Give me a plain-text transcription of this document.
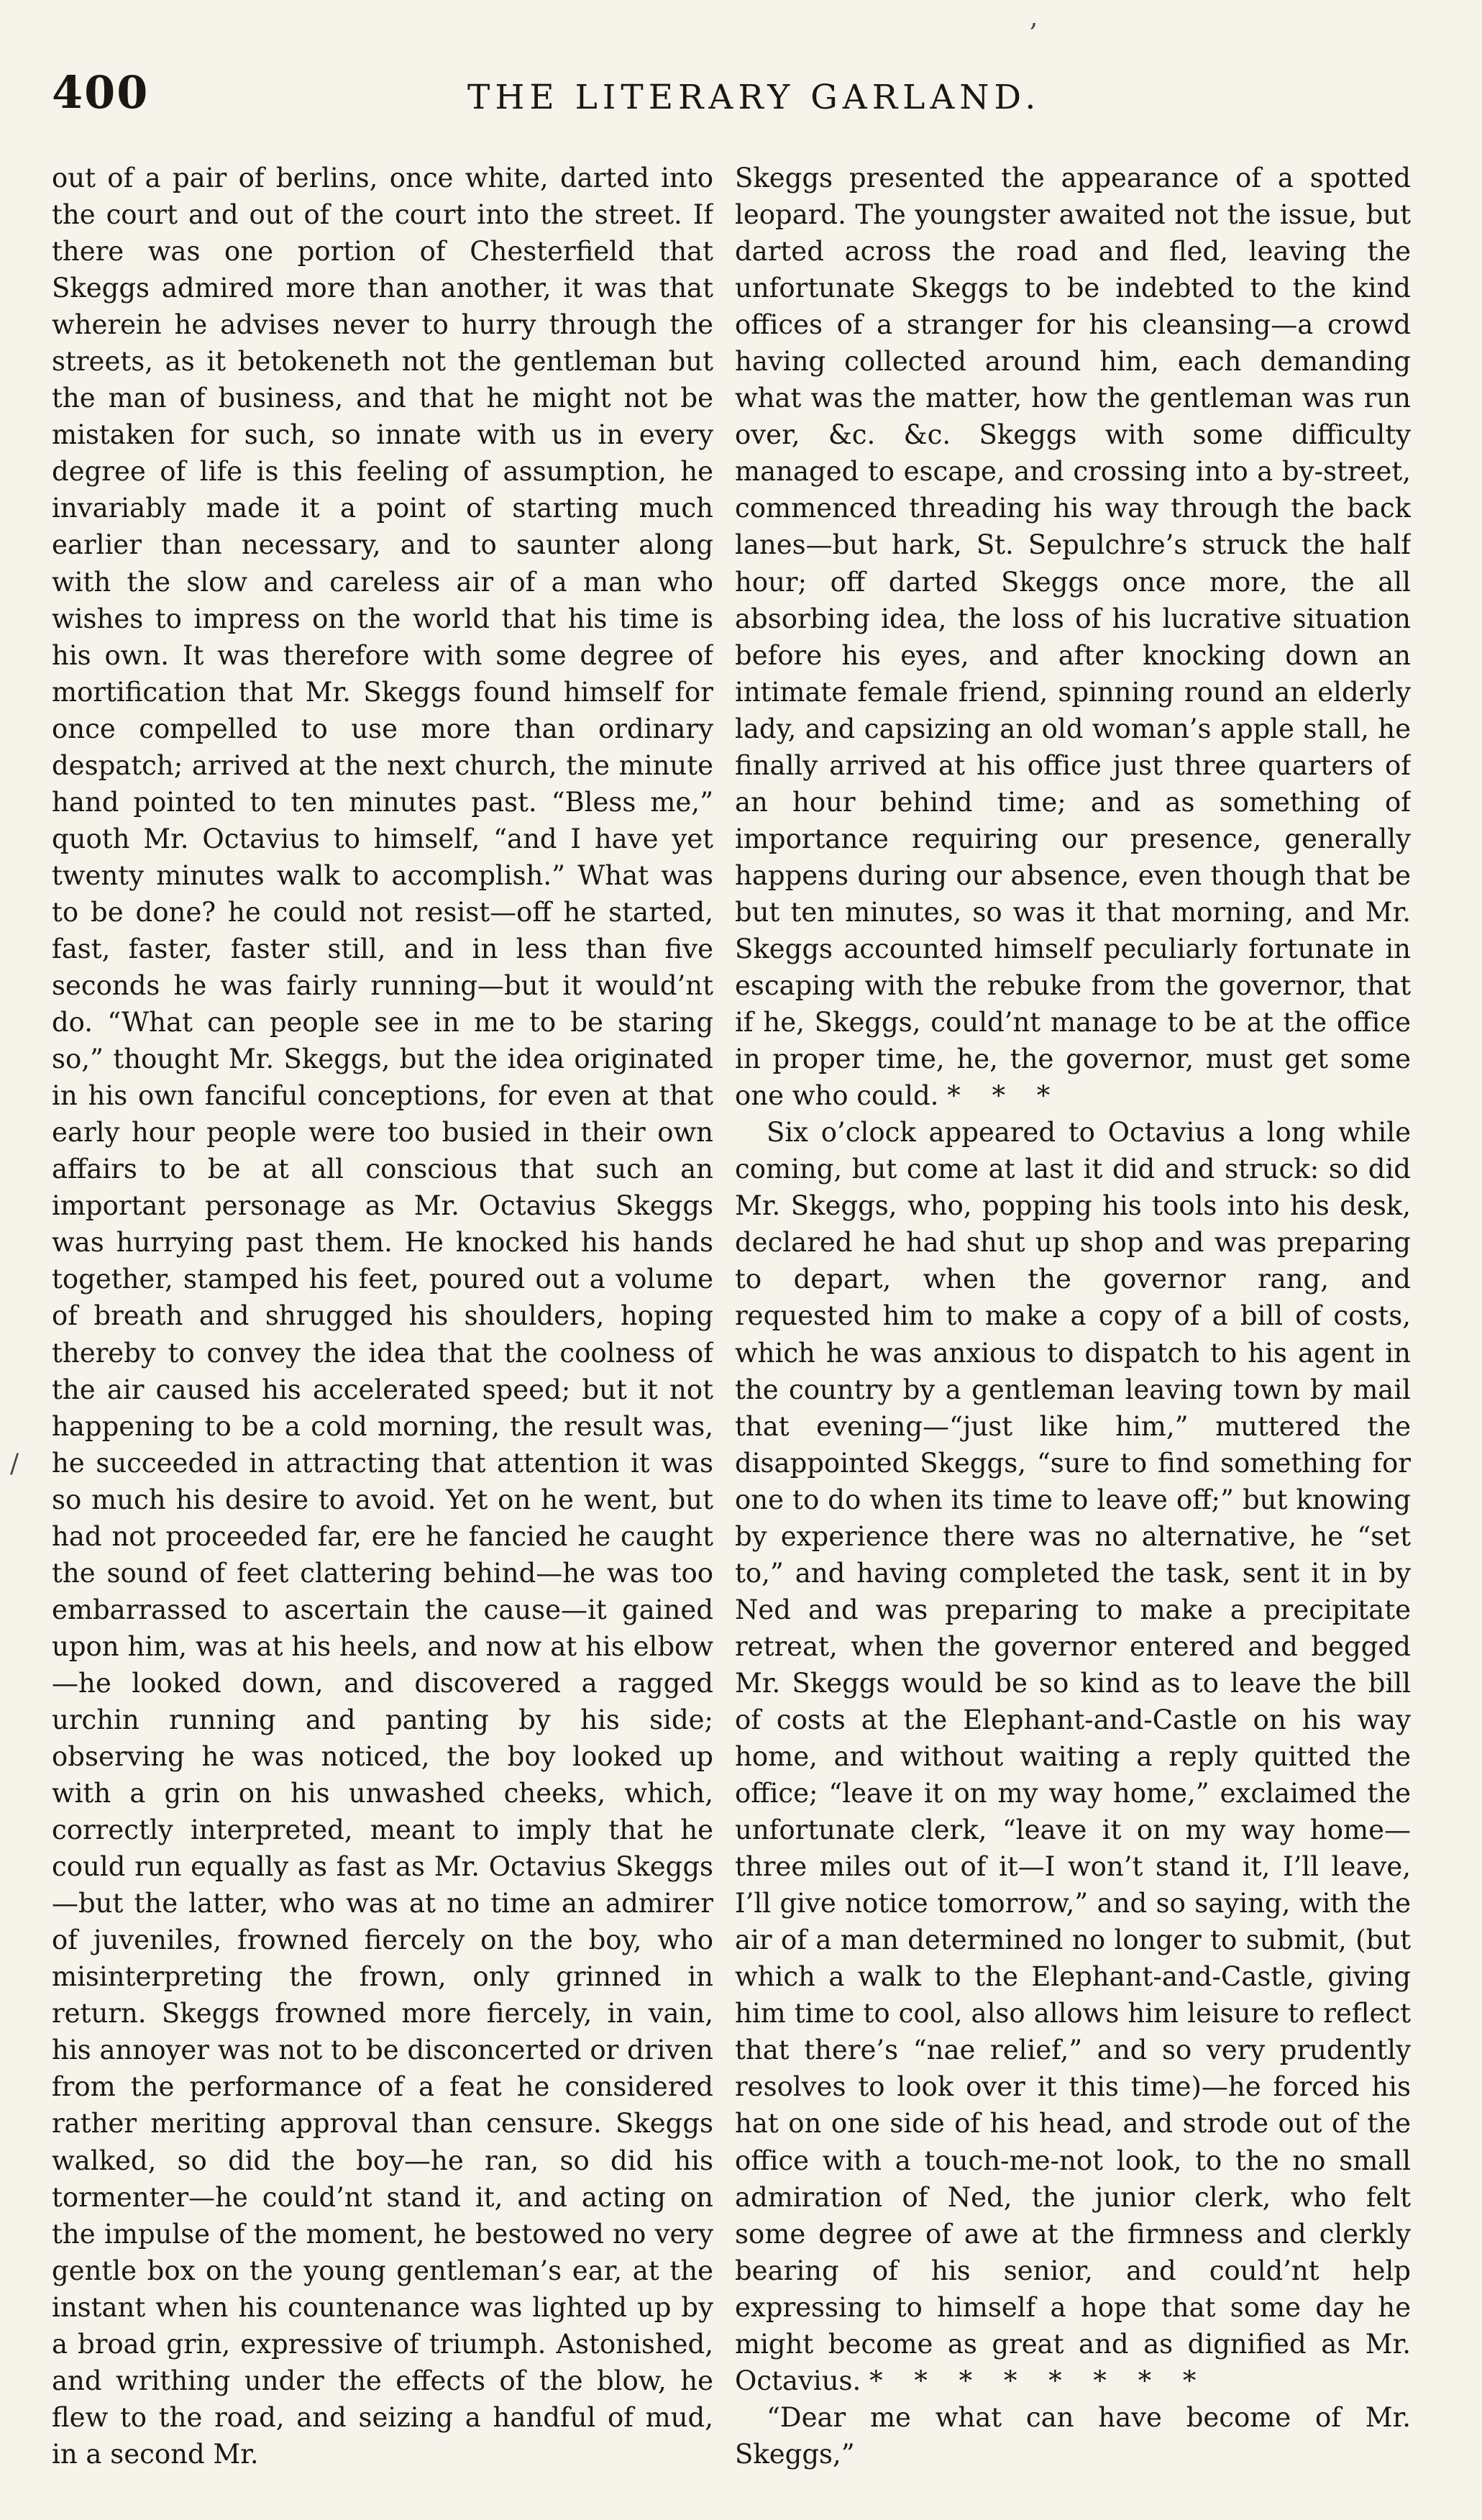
400	THE LITERARY GARLAND.
,
/

out of a pair of berlins, once white, darted into the court and out of the court into the street. If there was one portion of Chesterfield that Skeggs admired more than another, it was that wherein he advises never to hurry through the streets, as it betokeneth not the gentleman but the man of business, and that he might not be mistaken for such, so innate with us in every degree of life is this feeling of assumption, he invariably made it a point of starting much earlier than necessary, and to saunter along with the slow and careless air of a man who wishes to impress on the world that his time is his own. It was therefore with some degree of mortification that Mr. Skeggs found himself for once compelled to use more than ordinary despatch; arrived at the next church, the minute hand pointed to ten minutes past. “Bless me,” quoth Mr. Octavius to himself, “and I have yet twenty minutes walk to accomplish.” What was to be done? he could not resist—off he started, fast, faster, faster still, and in less than five seconds he was fairly running—but it would’nt do. “What can people see in me to be staring so,” thought Mr. Skeggs, but the idea originated in his own fanciful conceptions, for even at that early hour people were too busied in their own affairs to be at all conscious that such an important personage as Mr. Octavius Skeggs was hurrying past them. He knocked his hands together, stamped his feet, poured out a volume of breath and shrugged his shoulders, hoping thereby to convey the idea that the coolness of the air caused his accelerated speed; but it not happening to be a cold morning, the result was, he succeeded in attracting that attention it was so much his desire to avoid. Yet on he went, but had not proceeded far, ere he fancied he caught the sound of feet clattering behind—he was too embarrassed to ascertain the cause—it gained upon him, was at his heels, and now at his elbow—he looked down, and discovered a ragged urchin running and panting by his side; observing he was noticed, the boy looked up with a grin on his unwashed cheeks, which, correctly interpreted, meant to imply that he could run equally as fast as Mr. Octavius Skeggs—but the latter, who was at no time an admirer of juveniles, frowned fiercely on the boy, who misinterpreting the frown, only grinned in return. Skeggs frowned more fiercely, in vain, his annoyer was not to be disconcerted or driven from the performance of a feat he considered rather meriting approval than censure. Skeggs walked, so did the boy—he ran, so did his tormenter—he could’nt stand it, and acting on the impulse of the moment, he bestowed no very gentle box on the young gentleman’s ear, at the instant when his countenance was lighted up by a broad grin, expressive of triumph. Astonished, and writhing under the effects of the blow, he flew to the road, and seizing a handful of mud, in a second Mr.

Skeggs presented the appearance of a spotted leopard. The youngster awaited not the issue, but darted across the road and fled, leaving the unfortunate Skeggs to be indebted to the kind offices of a stranger for his cleansing—a crowd having collected around him, each demanding what was the matter, how the gentleman was run over, &c. &c. Skeggs with some difficulty managed to escape, and crossing into a by-street, commenced threading his way through the back lanes—but hark, St. Sepulchre’s struck the half hour; off darted Skeggs once more, the all absorbing idea, the loss of his lucrative situation before his eyes, and after knocking down an intimate female friend, spinning round an elderly lady, and capsizing an old woman’s apple stall, he finally arrived at his office just three quarters of an hour behind time; and as something of importance requiring our presence, generally happens during our absence, even though that be but ten minutes, so was it that morning, and Mr. Skeggs accounted himself peculiarly fortunate in escaping with the rebuke from the governor, that if he, Skeggs, could’nt manage to be at the office in proper time, he, the governor, must get some one who could. * * *

Six o’clock appeared to Octavius a long while coming, but come at last it did and struck: so did Mr. Skeggs, who, popping his tools into his desk, declared he had shut up shop and was preparing to depart, when the governor rang, and requested him to make a copy of a bill of costs, which he was anxious to dispatch to his agent in the country by a gentleman leaving town by mail that evening—“just like him,” muttered the disappointed Skeggs, “sure to find something for one to do when its time to leave off;” but knowing by experience there was no alternative, he “set to,” and having completed the task, sent it in by Ned and was preparing to make a precipitate retreat, when the governor entered and begged Mr. Skeggs would be so kind as to leave the bill of costs at the Elephant-and-Castle on his way home, and without waiting a reply quitted the office; “leave it on my way home,” exclaimed the unfortunate clerk, “leave it on my way home—three miles out of it—I won’t stand it, I’ll leave, I’ll give notice tomorrow,” and so saying, with the air of a man determined no longer to submit, (but which a walk to the Elephant-and-Castle, giving him time to cool, also allows him leisure to reflect that there’s “nae relief,” and so very prudently resolves to look over it this time)—he forced his hat on one side of his head, and strode out of the office with a touch-me-not look, to the no small admiration of Ned, the junior clerk, who felt some degree of awe at the firmness and clerkly bearing of his senior, and could’nt help expressing to himself a hope that some day he might become as great and as dignified as Mr. Octavius. * * * * * * * *

“Dear me what can have become of Mr. Skeggs,”
